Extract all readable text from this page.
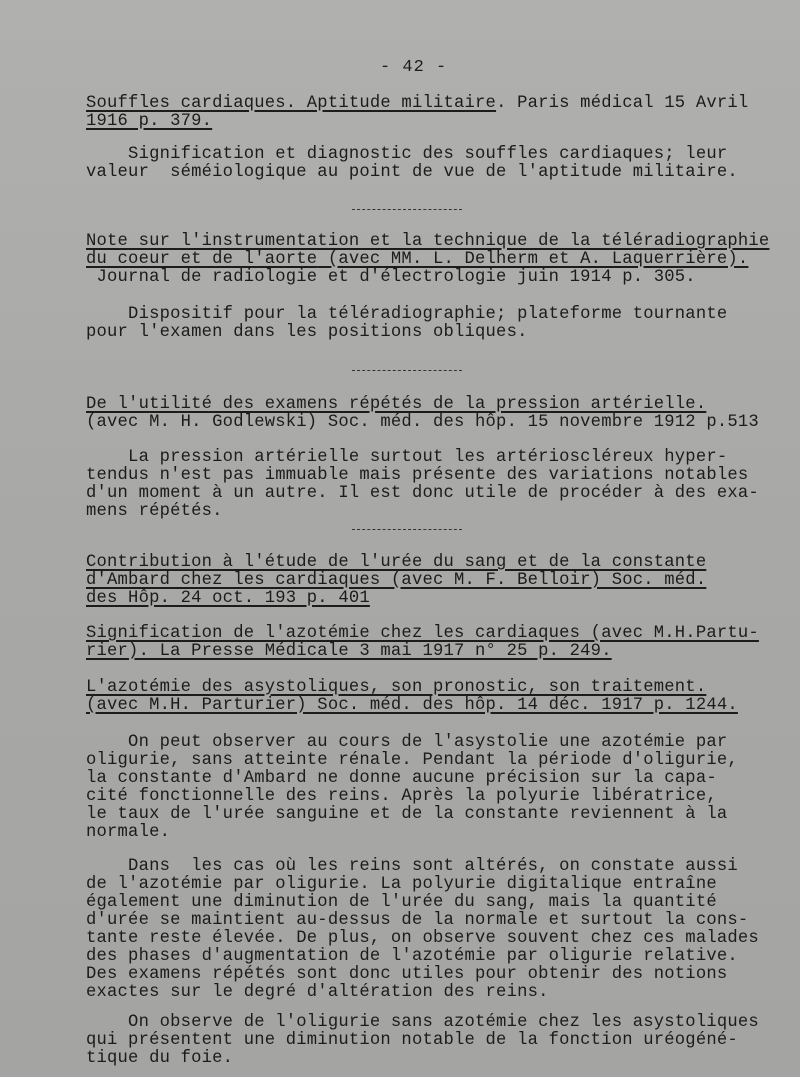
- 42 -
Souffles cardiaques. Aptitude militaire. Paris médical 15 Avril
1916 p. 379.
Signification et diagnostic des souffles cardiaques; leur
valeur  séméiologique au point de vue de l'aptitude militaire.
Note sur l'instrumentation et la technique de la téléradiographie
du coeur et de l'aorte (avec MM. L. Delherm et A. Laquerrière).
Journal de radiologie et d'électrologie juin 1914 p. 305.
Dispositif pour la téléradiographie; plateforme tournante
pour l'examen dans les positions obliques.
De l'utilité des examens répétés de la pression artérielle.
(avec M. H. Godlewski) Soc. méd. des hôp. 15 novembre 1912 p.513
La pression artérielle surtout les artérioscléreux hyper-
tendus n'est pas immuable mais présente des variations notables
d'un moment à un autre. Il est donc utile de procéder à des exa-
mens répétés.
Contribution à l'étude de l'urée du sang et de la constante
d'Ambard chez les cardiaques (avec M. F. Belloir) Soc. méd.
des Hôp. 24 oct. 193 p. 401
Signification de l'azotémie chez les cardiaques (avec M.H.Partu-
rier). La Presse Médicale 3 mai 1917 n° 25 p. 249.
L'azotémie des asystoliques, son pronostic, son traitement.
(avec M.H. Parturier) Soc. méd. des hôp. 14 déc. 1917 p. 1244.
On peut observer au cours de l'asystolie une azotémie par
oligurie, sans atteinte rénale. Pendant la période d'oligurie,
la constante d'Ambard ne donne aucune précision sur la capa-
cité fonctionnelle des reins. Après la polyurie libératrice,
le taux de l'urée sanguine et de la constante reviennent à la
normale.
Dans  les cas où les reins sont altérés, on constate aussi
de l'azotémie par oligurie. La polyurie digitalique entraîne
également une diminution de l'urée du sang, mais la quantité
d'urée se maintient au-dessus de la normale et surtout la cons-
tante reste élevée. De plus, on observe souvent chez ces malades
des phases d'augmentation de l'azotémie par oligurie relative.
Des examens répétés sont donc utiles pour obtenir des notions
exactes sur le degré d'altération des reins.
On observe de l'oligurie sans azotémie chez les asystoliques
qui présentent une diminution notable de la fonction uréogéné-
tique du foie.
